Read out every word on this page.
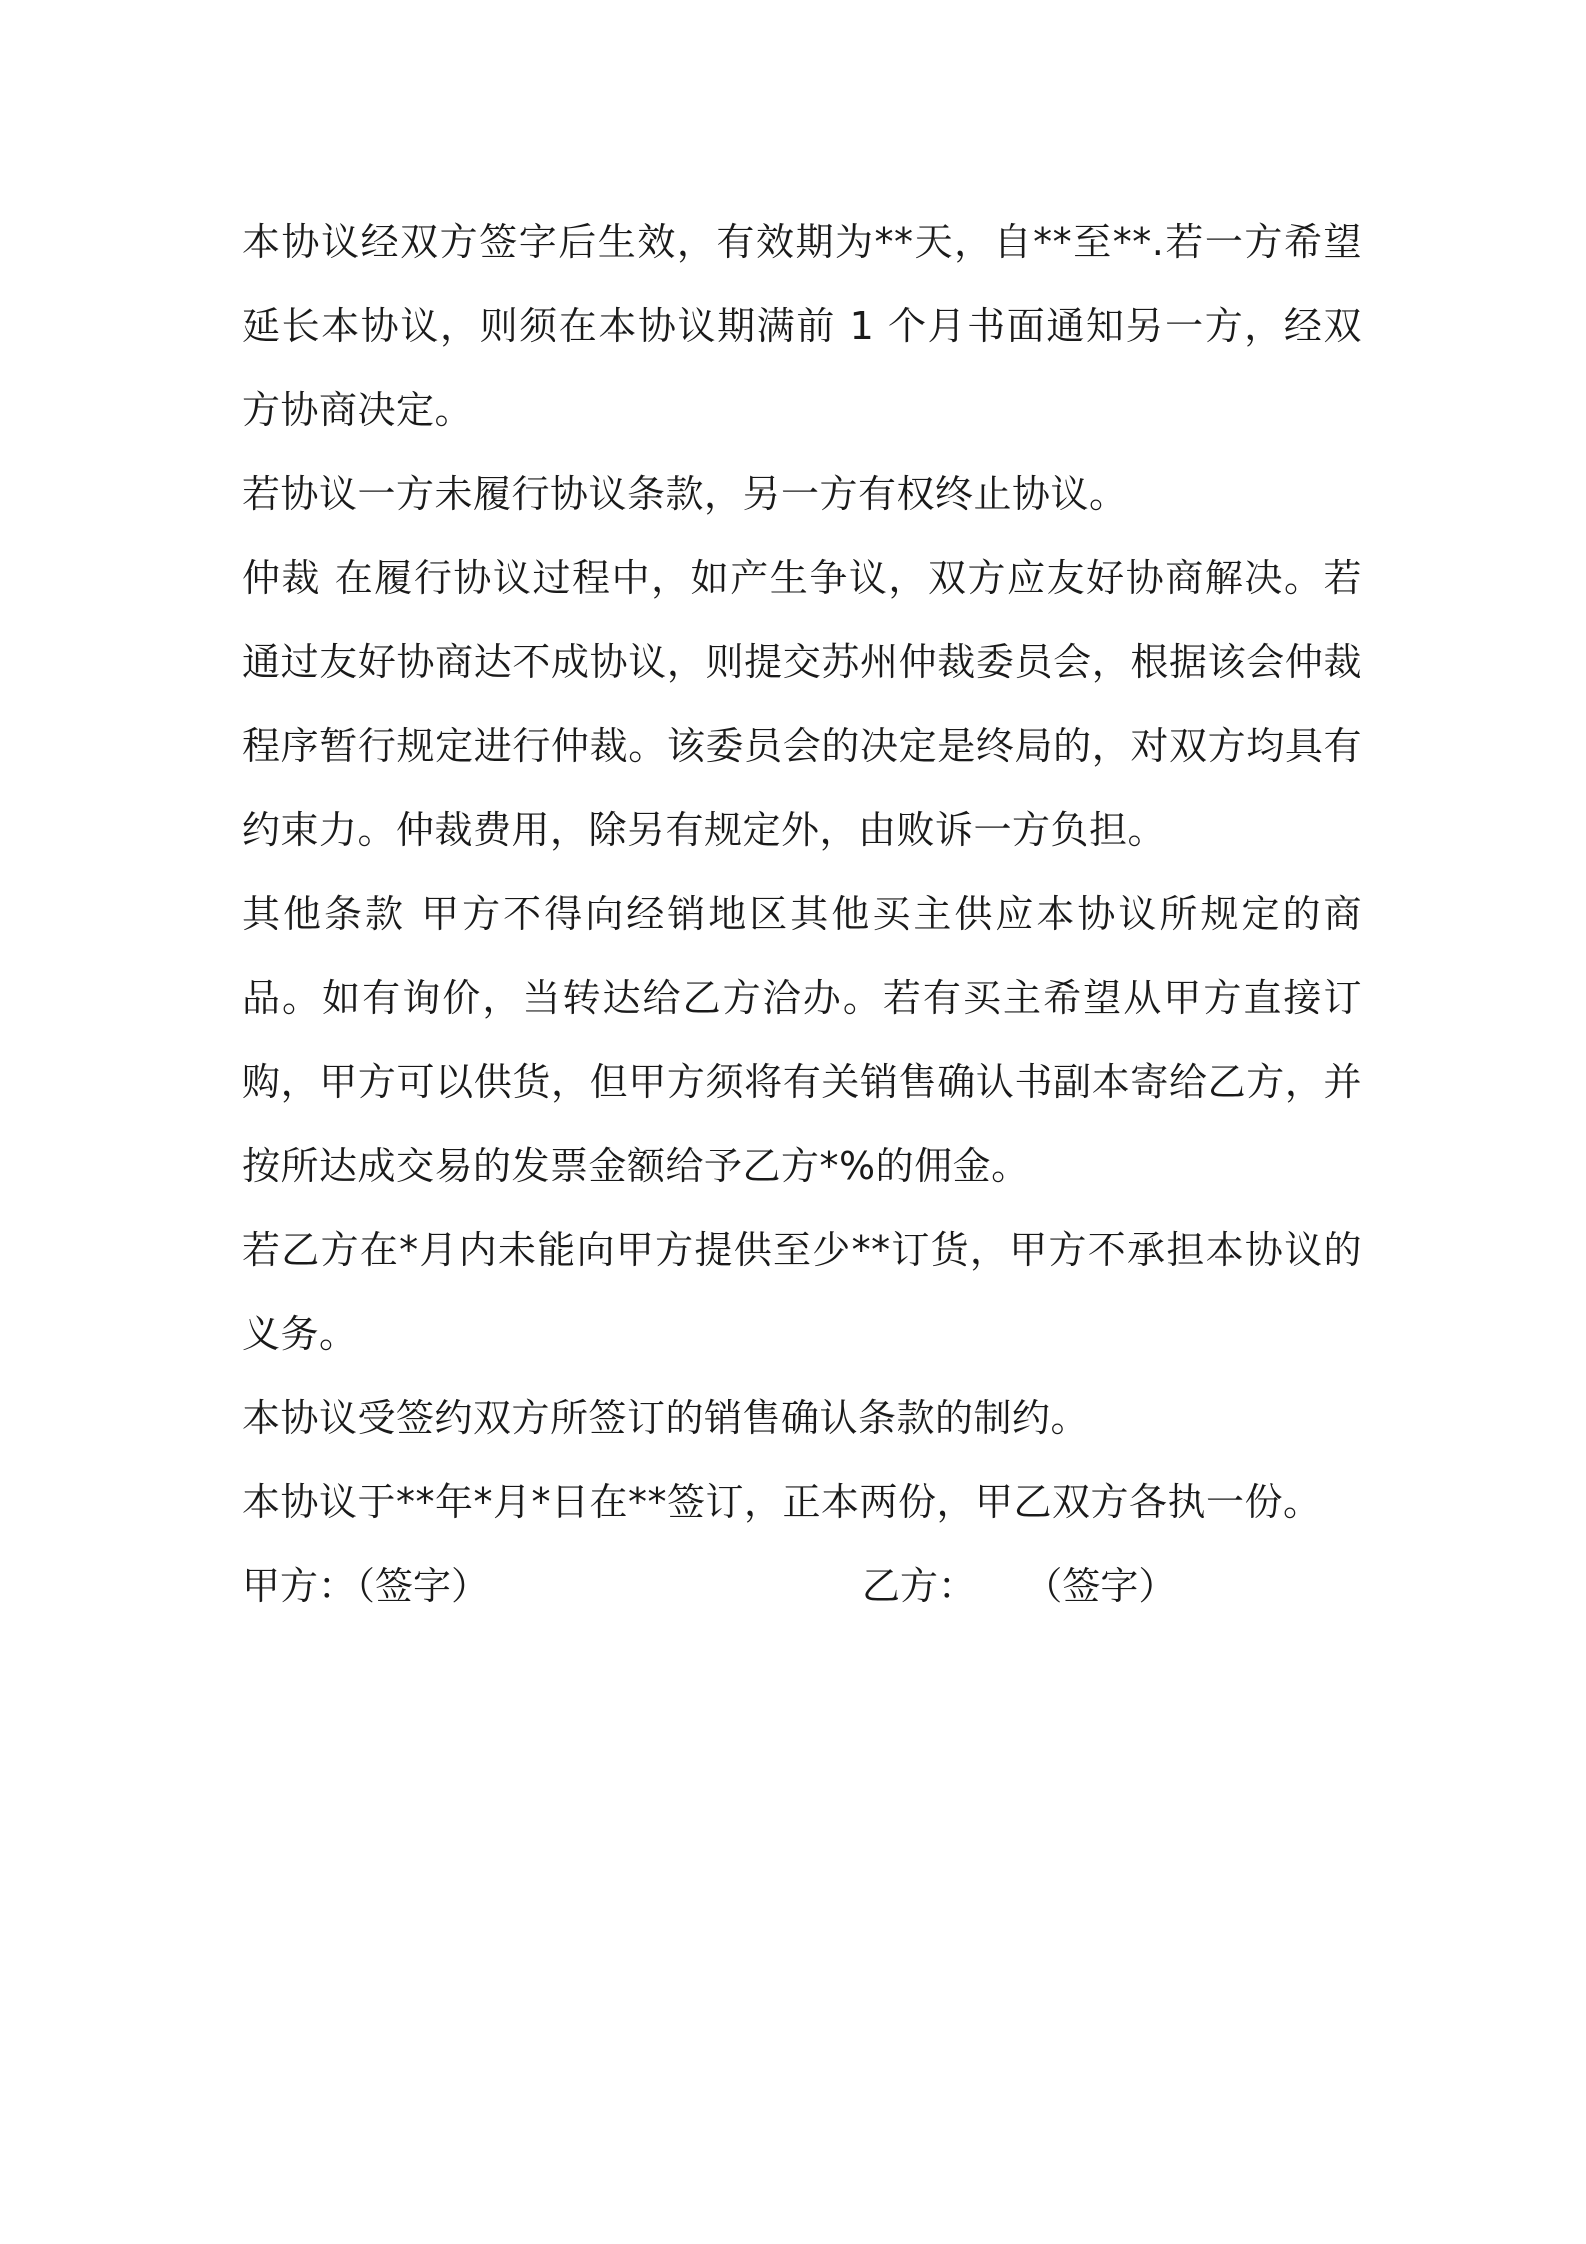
本协议经双方签字后生效，有效期为**天，自**至**.若一方希望延长本协议，则须在本协议期满前 1 个月书面通知另一方，经双方协商决定。

若协议一方未履行协议条款，另一方有权终止协议。

仲裁 在履行协议过程中，如产生争议，双方应友好协商解决。若通过友好协商达不成协议，则提交苏州仲裁委员会，根据该会仲裁程序暂行规定进行仲裁。该委员会的决定是终局的，对双方均具有约束力。仲裁费用，除另有规定外，由败诉一方负担。

其他条款 甲方不得向经销地区其他买主供应本协议所规定的商品。如有询价，当转达给乙方洽办。若有买主希望从甲方直接订购，甲方可以供货，但甲方须将有关销售确认书副本寄给乙方，并按所达成交易的发票金额给予乙方*%的佣金。

若乙方在*月内未能向甲方提供至少**订货，甲方不承担本协议的义务。

本协议受签约双方所签订的销售确认条款的制约。

本协议于**年*月*日在**签订，正本两份，甲乙双方各执一份。

甲方：（签字）	乙方：    （签字）
